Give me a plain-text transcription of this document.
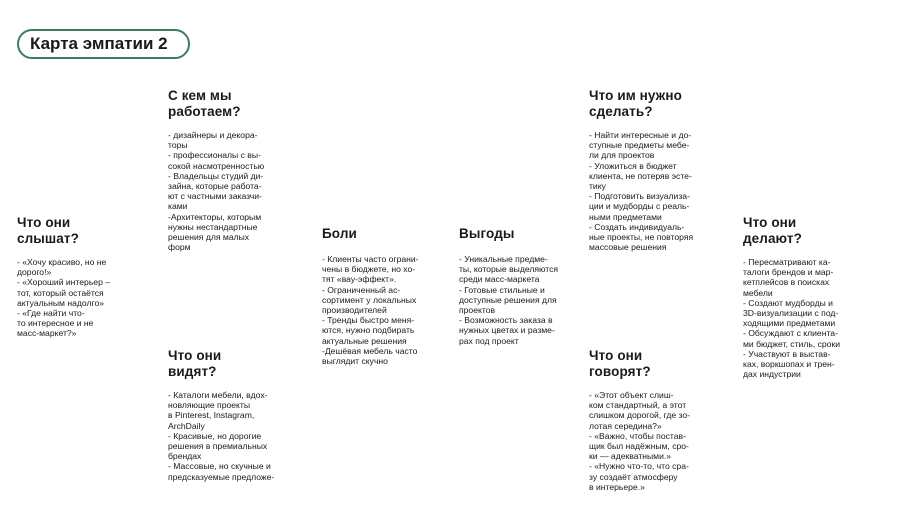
Карта эмпатии 2
С кем мы
работаем?
- дизайнеры и декора-
торы
- профессионалы с вы-
сокой насмотренностью
- Владельцы студий ди-
зайна, которые работа-
ют с частными заказчи-
ками
-Архитекторы, которым
нужны нестандартные
решения для малых
форм
Что им нужно
сделать?
- Найти интересные и до-
ступные предметы мебе-
ли для проектов
- Уложиться в бюджет
клиента, не потеряв эсте-
тику
- Подготовить визуализа-
ции и мудборды с реаль-
ными предметами
- Создать индивидуаль-
ные проекты, не повторяя
массовые решения
Что они
слышат?
- «Хочу красиво, но не
дорого!»
- «Хороший интерьер –
тот, который остаётся
актуальным надолго»
- «Где найти что-
то интересное и не
масс-маркет?»
Боли
- Клиенты часто ограни-
чены в бюджете, но хо-
тят «вау-эффект».
- Ограниченный ас-
сортимент у локальных
производителей
- Тренды быстро меня-
ются, нужно подбирать
актуальные решения
-Дешёвая мебель часто
выглядит скучно
Выгоды
- Уникальные предме-
ты, которые выделяются
среди масс-маркета
- Готовые стильные и
доступные решения для
проектов
- Возможность заказа в
нужных цветах и разме-
рах под проект
Что они
делают?
- Пересматривают ка-
талоги брендов и мар-
кетплейсов в поисках
мебели
- Создают мудборды и
3D-визуализации с под-
ходящими предметами
- Обсуждают с клиента-
ми бюджет, стиль, сроки
- Участвуют в выстав-
ках, воркшопах и трен-
дах индустрии
Что они
видят?
- Каталоги мебели, вдох-
новляющие проекты
в Pinterest, Instagram,
ArchDaily
- Красивые, но дорогие
решения в премиальных
брендах
- Массовые, но скучные и
предсказуемые предложе-
Что они
говорят?
- «Этот объект слиш-
ком стандартный, а этот
слишком дорогой, где зо-
лотая середина?»
- «Важно, чтобы постав-
щик был надёжным, сро-
ки — адекватными.»
- «Нужно что-то, что сра-
зу создаёт атмосферу
в интерьере.»
